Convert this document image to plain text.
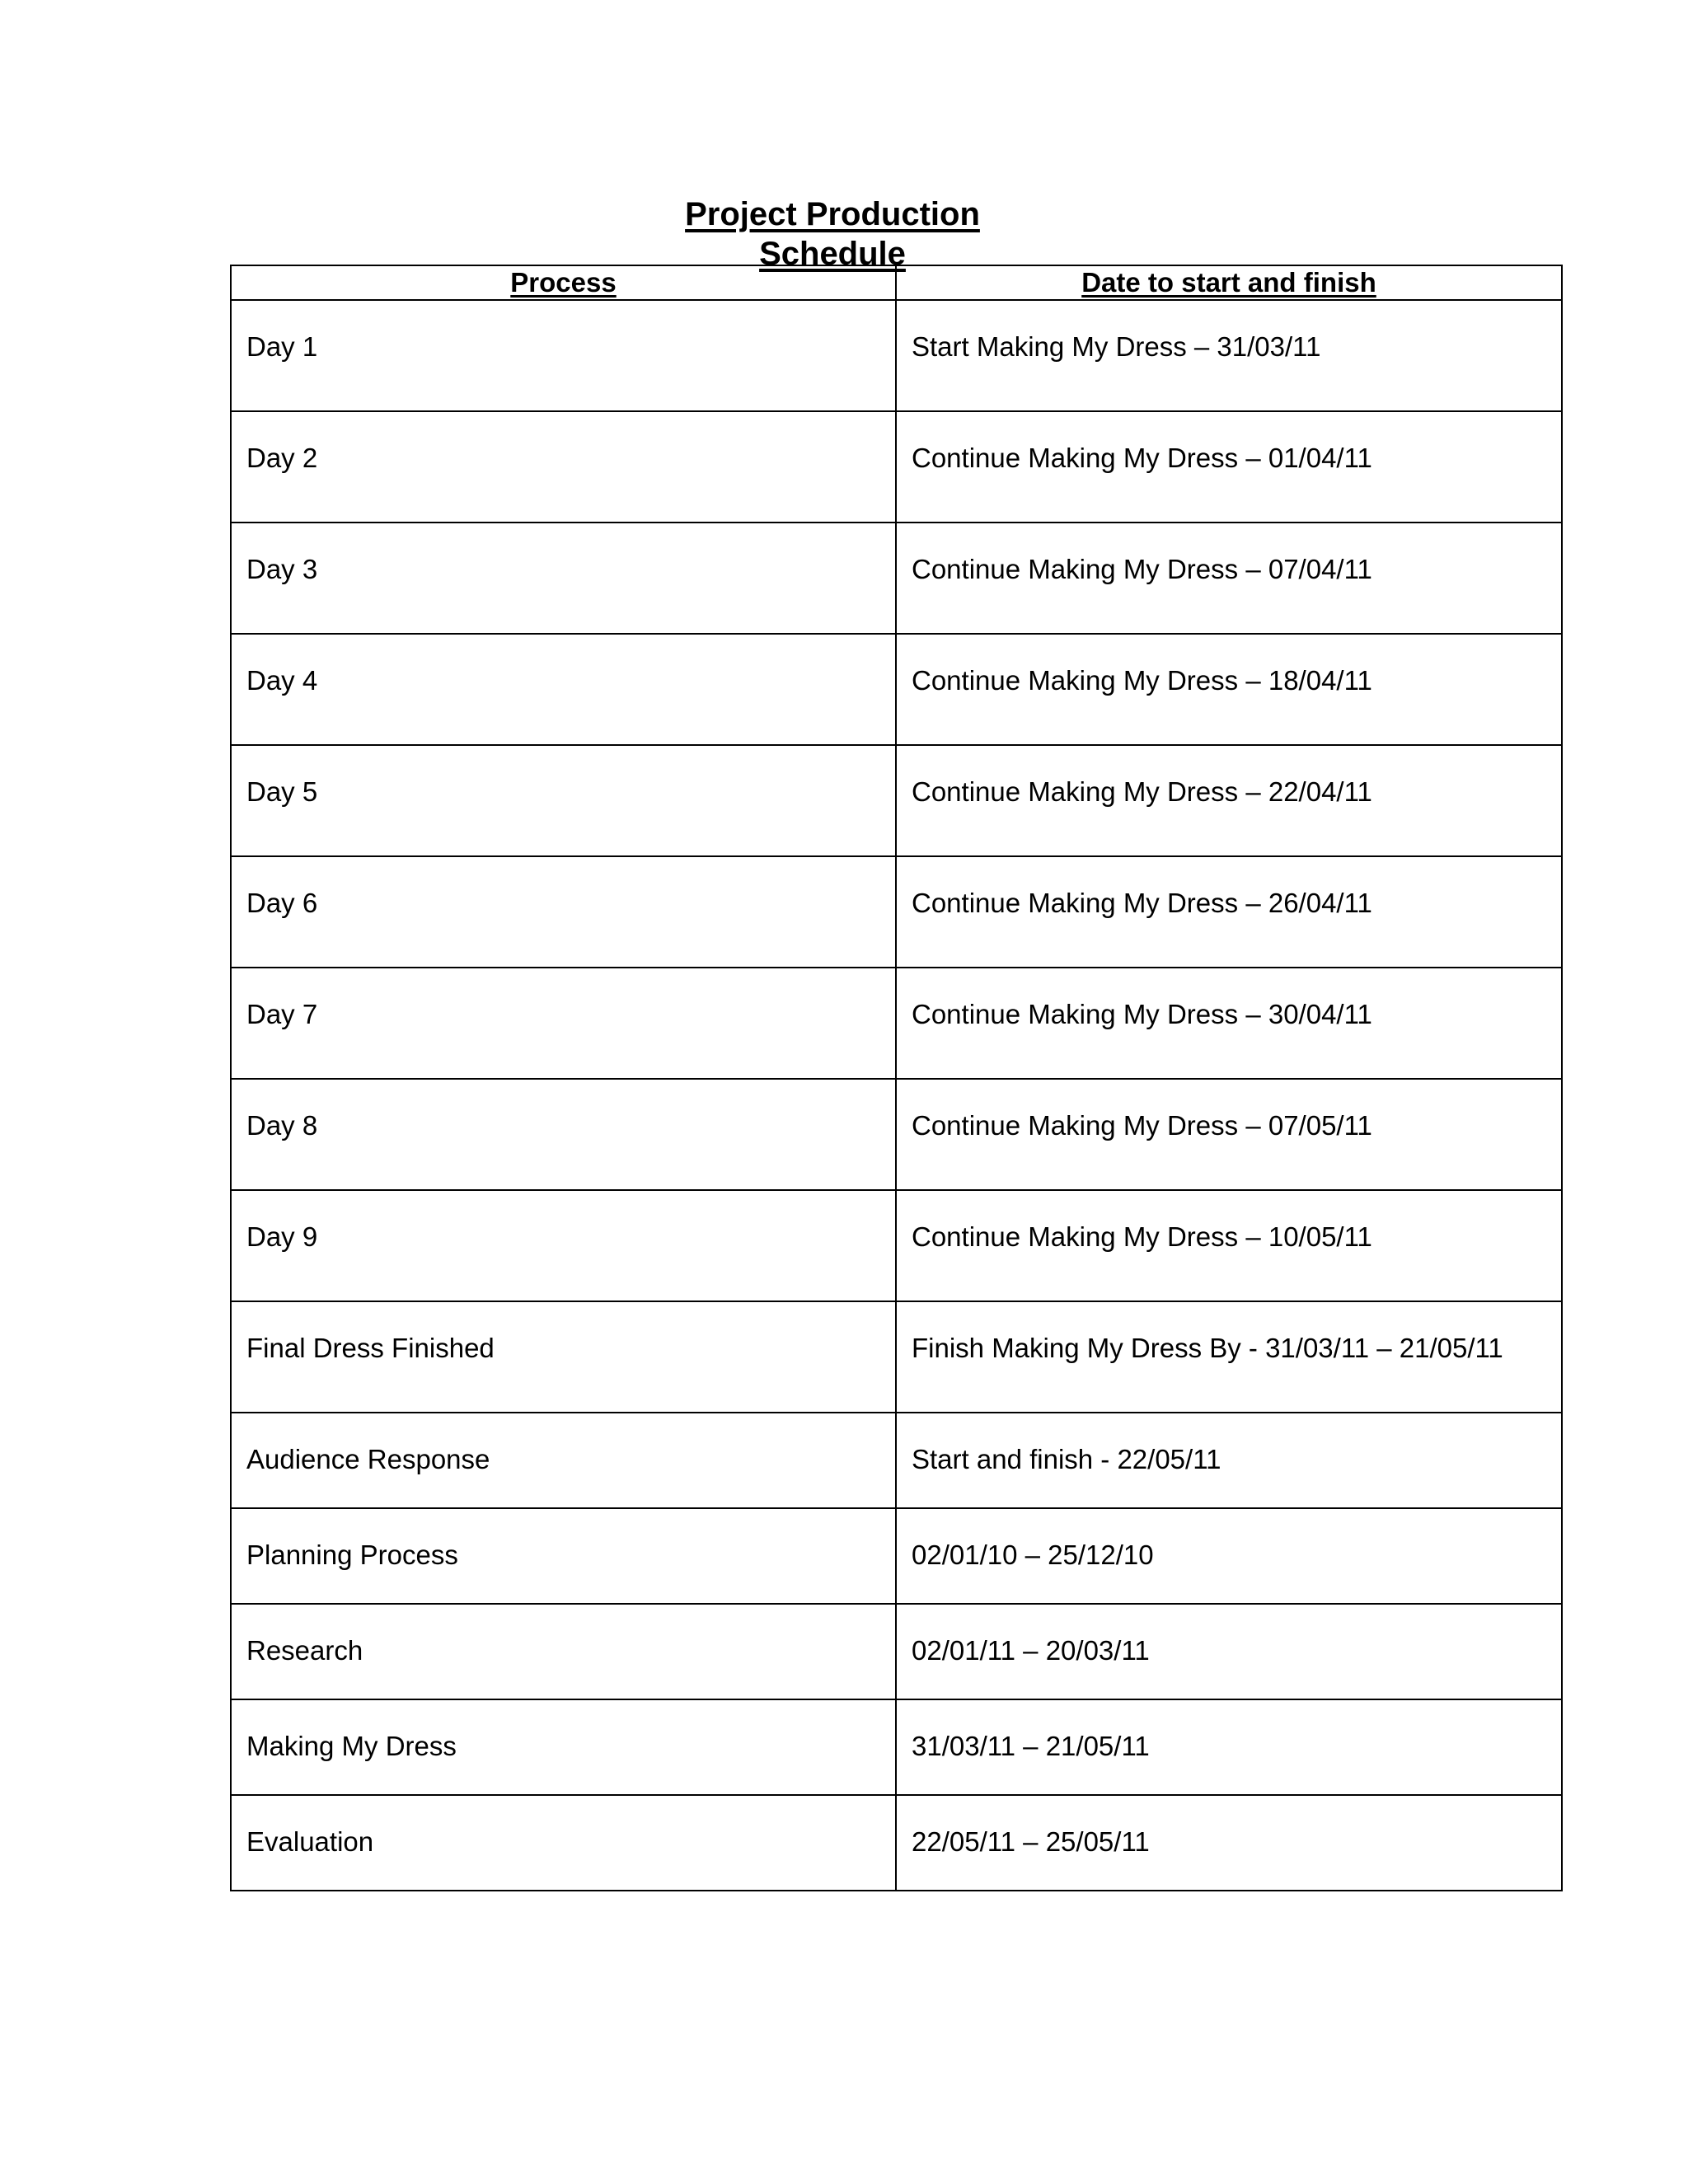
Project Production Schedule
Process	Date to start and finish
Day 1	Start Making My Dress – 31/03/11
Day 2	Continue Making My Dress – 01/04/11
Day 3	Continue Making My Dress – 07/04/11
Day 4	Continue Making My Dress – 18/04/11
Day 5	Continue Making My Dress – 22/04/11
Day 6	Continue Making My Dress – 26/04/11
Day 7	Continue Making My Dress – 30/04/11
Day 8	Continue Making My Dress – 07/05/11
Day 9	Continue Making My Dress – 10/05/11
Final Dress Finished	Finish Making My Dress By - 31/03/11 – 21/05/11
Audience Response	Start and finish - 22/05/11
Planning Process	02/01/10 – 25/12/10
Research	02/01/11 – 20/03/11
Making My Dress	31/03/11 – 21/05/11
Evaluation	22/05/11 – 25/05/11
